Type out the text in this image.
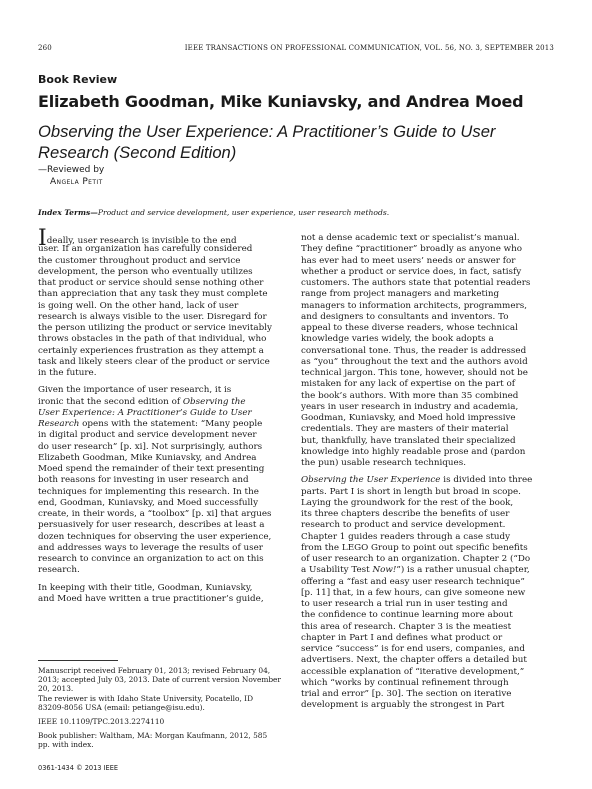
260	IEEE TRANSACTIONS ON PROFESSIONAL COMMUNICATION, VOL. 56, NO. 3, SEPTEMBER 2013
Book Review
Elizabeth Goodman, Mike Kuniavsky, and Andrea Moed
Observing the User Experience: A Practitioner’s Guide to User
Research (Second Edition)
—Reviewed by
Angela Petit
Index Terms—Product and service development, user experience, user research methods.
Ideally, user research is invisible to the end
user. If an organization has carefully considered
the customer throughout product and service
development, the person who eventually utilizes
that product or service should sense nothing other
than appreciation that any task they must complete
is going well. On the other hand, lack of user
research is always visible to the user. Disregard for
the person utilizing the product or service inevitably
throws obstacles in the path of that individual, who
certainly experiences frustration as they attempt a
task and likely steers clear of the product or service
in the future.
Given the importance of user research, it is
ironic that the second edition of Observing the
User Experience: A Practitioner’s Guide to User
Research opens with the statement: “Many people
in digital product and service development never
do user research” [p. xi]. Not surprisingly, authors
Elizabeth Goodman, Mike Kuniavsky, and Andrea
Moed spend the remainder of their text presenting
both reasons for investing in user research and
techniques for implementing this research. In the
end, Goodman, Kuniavsky, and Moed successfully
create, in their words, a “toolbox” [p. xi] that argues
persuasively for user research, describes at least a
dozen techniques for observing the user experience,
and addresses ways to leverage the results of user
research to convince an organization to act on this
research.
In keeping with their title, Goodman, Kuniavsky,
and Moed have written a true practitioner’s guide,
Manuscript received February 01, 2013; revised February 04,
2013; accepted July 03, 2013. Date of current version November
20, 2013.
The reviewer is with Idaho State University, Pocatello, ID
83209-8056 USA (email: petiange@isu.edu).
IEEE 10.1109/TPC.2013.2274110
Book publisher: Waltham, MA: Morgan Kaufmann, 2012, 585
pp. with index.
0361-1434 © 2013 IEEE
not a dense academic text or specialist’s manual.
They define “practitioner” broadly as anyone who
has ever had to meet users’ needs or answer for
whether a product or service does, in fact, satisfy
customers. The authors state that potential readers
range from project managers and marketing
managers to information architects, programmers,
and designers to consultants and inventors. To
appeal to these diverse readers, whose technical
knowledge varies widely, the book adopts a
conversational tone. Thus, the reader is addressed
as “you” throughout the text and the authors avoid
technical jargon. This tone, however, should not be
mistaken for any lack of expertise on the part of
the book’s authors. With more than 35 combined
years in user research in industry and academia,
Goodman, Kuniavsky, and Moed hold impressive
credentials. They are masters of their material
but, thankfully, have translated their specialized
knowledge into highly readable prose and (pardon
the pun) usable research techniques.
Observing the User Experience is divided into three
parts. Part I is short in length but broad in scope.
Laying the groundwork for the rest of the book,
its three chapters describe the benefits of user
research to product and service development.
Chapter 1 guides readers through a case study
from the LEGO Group to point out specific benefits
of user research to an organization. Chapter 2 (“Do
a Usability Test Now!”) is a rather unusual chapter,
offering a “fast and easy user research technique”
[p. 11] that, in a few hours, can give someone new
to user research a trial run in user testing and
the confidence to continue learning more about
this area of research. Chapter 3 is the meatiest
chapter in Part I and defines what product or
service “success” is for end users, companies, and
advertisers. Next, the chapter offers a detailed but
accessible explanation of “iterative development,”
which “works by continual refinement through
trial and error” [p. 30]. The section on iterative
development is arguably the strongest in Part
